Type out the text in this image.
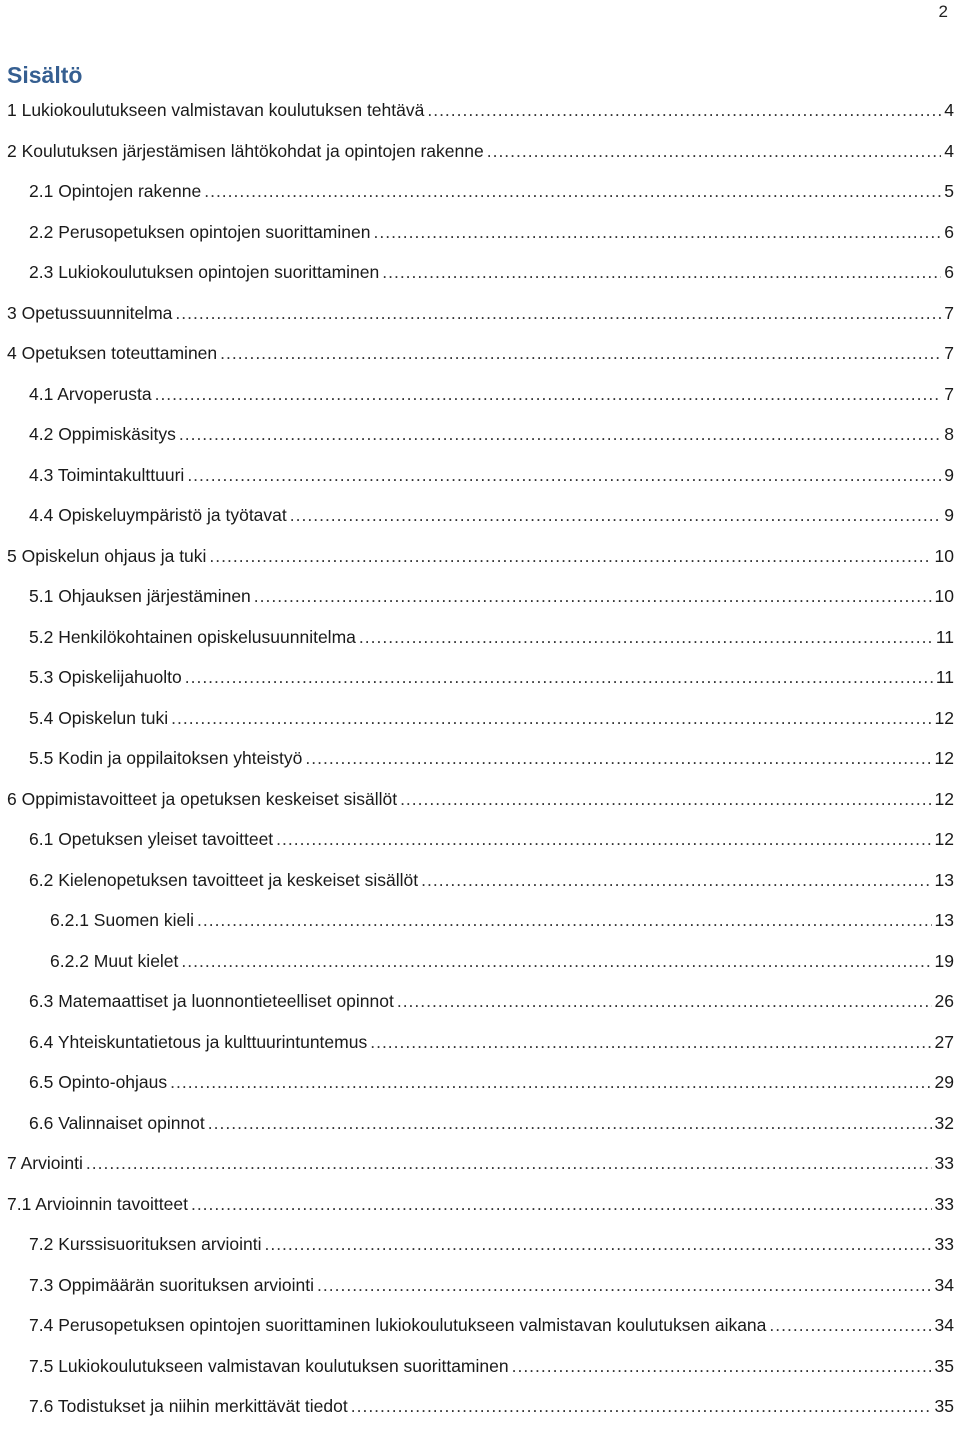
2
Sisältö
1 Lukiokoulutukseen valmistavan koulutuksen tehtävä .....	4
2 Koulutuksen järjestämisen lähtökohdat ja opintojen rakenne .....	4
2.1 Opintojen rakenne .....	5
2.2 Perusopetuksen opintojen suorittaminen .....	6
2.3 Lukiokoulutuksen opintojen suorittaminen .....	6
3 Opetussuunnitelma .....	7
4 Opetuksen toteuttaminen .....	7
4.1 Arvoperusta .....	7
4.2 Oppimiskäsitys .....	8
4.3 Toimintakulttuuri .....	9
4.4 Opiskeluympäristö ja työtavat .....	9
5 Opiskelun ohjaus ja tuki .....	10
5.1 Ohjauksen järjestäminen .....	10
5.2 Henkilökohtainen opiskelusuunnitelma .....	11
5.3 Opiskelijahuolto .....	11
5.4 Opiskelun tuki .....	12
5.5 Kodin ja oppilaitoksen yhteistyö .....	12
6 Oppimistavoitteet ja opetuksen keskeiset sisällöt .....	12
6.1 Opetuksen yleiset tavoitteet .....	12
6.2 Kielenopetuksen tavoitteet ja keskeiset sisällöt .....	13
6.2.1 Suomen kieli .....	13
6.2.2 Muut kielet .....	19
6.3 Matemaattiset ja luonnontieteelliset opinnot .....	26
6.4 Yhteiskuntatietous ja kulttuurintuntemus .....	27
6.5 Opinto-ohjaus .....	29
6.6 Valinnaiset opinnot .....	32
7 Arviointi .....	33
7.1 Arvioinnin tavoitteet .....	33
7.2 Kurssisuorituksen arviointi .....	33
7.3 Oppimäärän suorituksen arviointi .....	34
7.4 Perusopetuksen opintojen suorittaminen lukiokoulutukseen valmistavan koulutuksen aikana .....	34
7.5 Lukiokoulutukseen valmistavan koulutuksen suorittaminen .....	35
7.6 Todistukset ja niihin merkittävät tiedot .....	35
